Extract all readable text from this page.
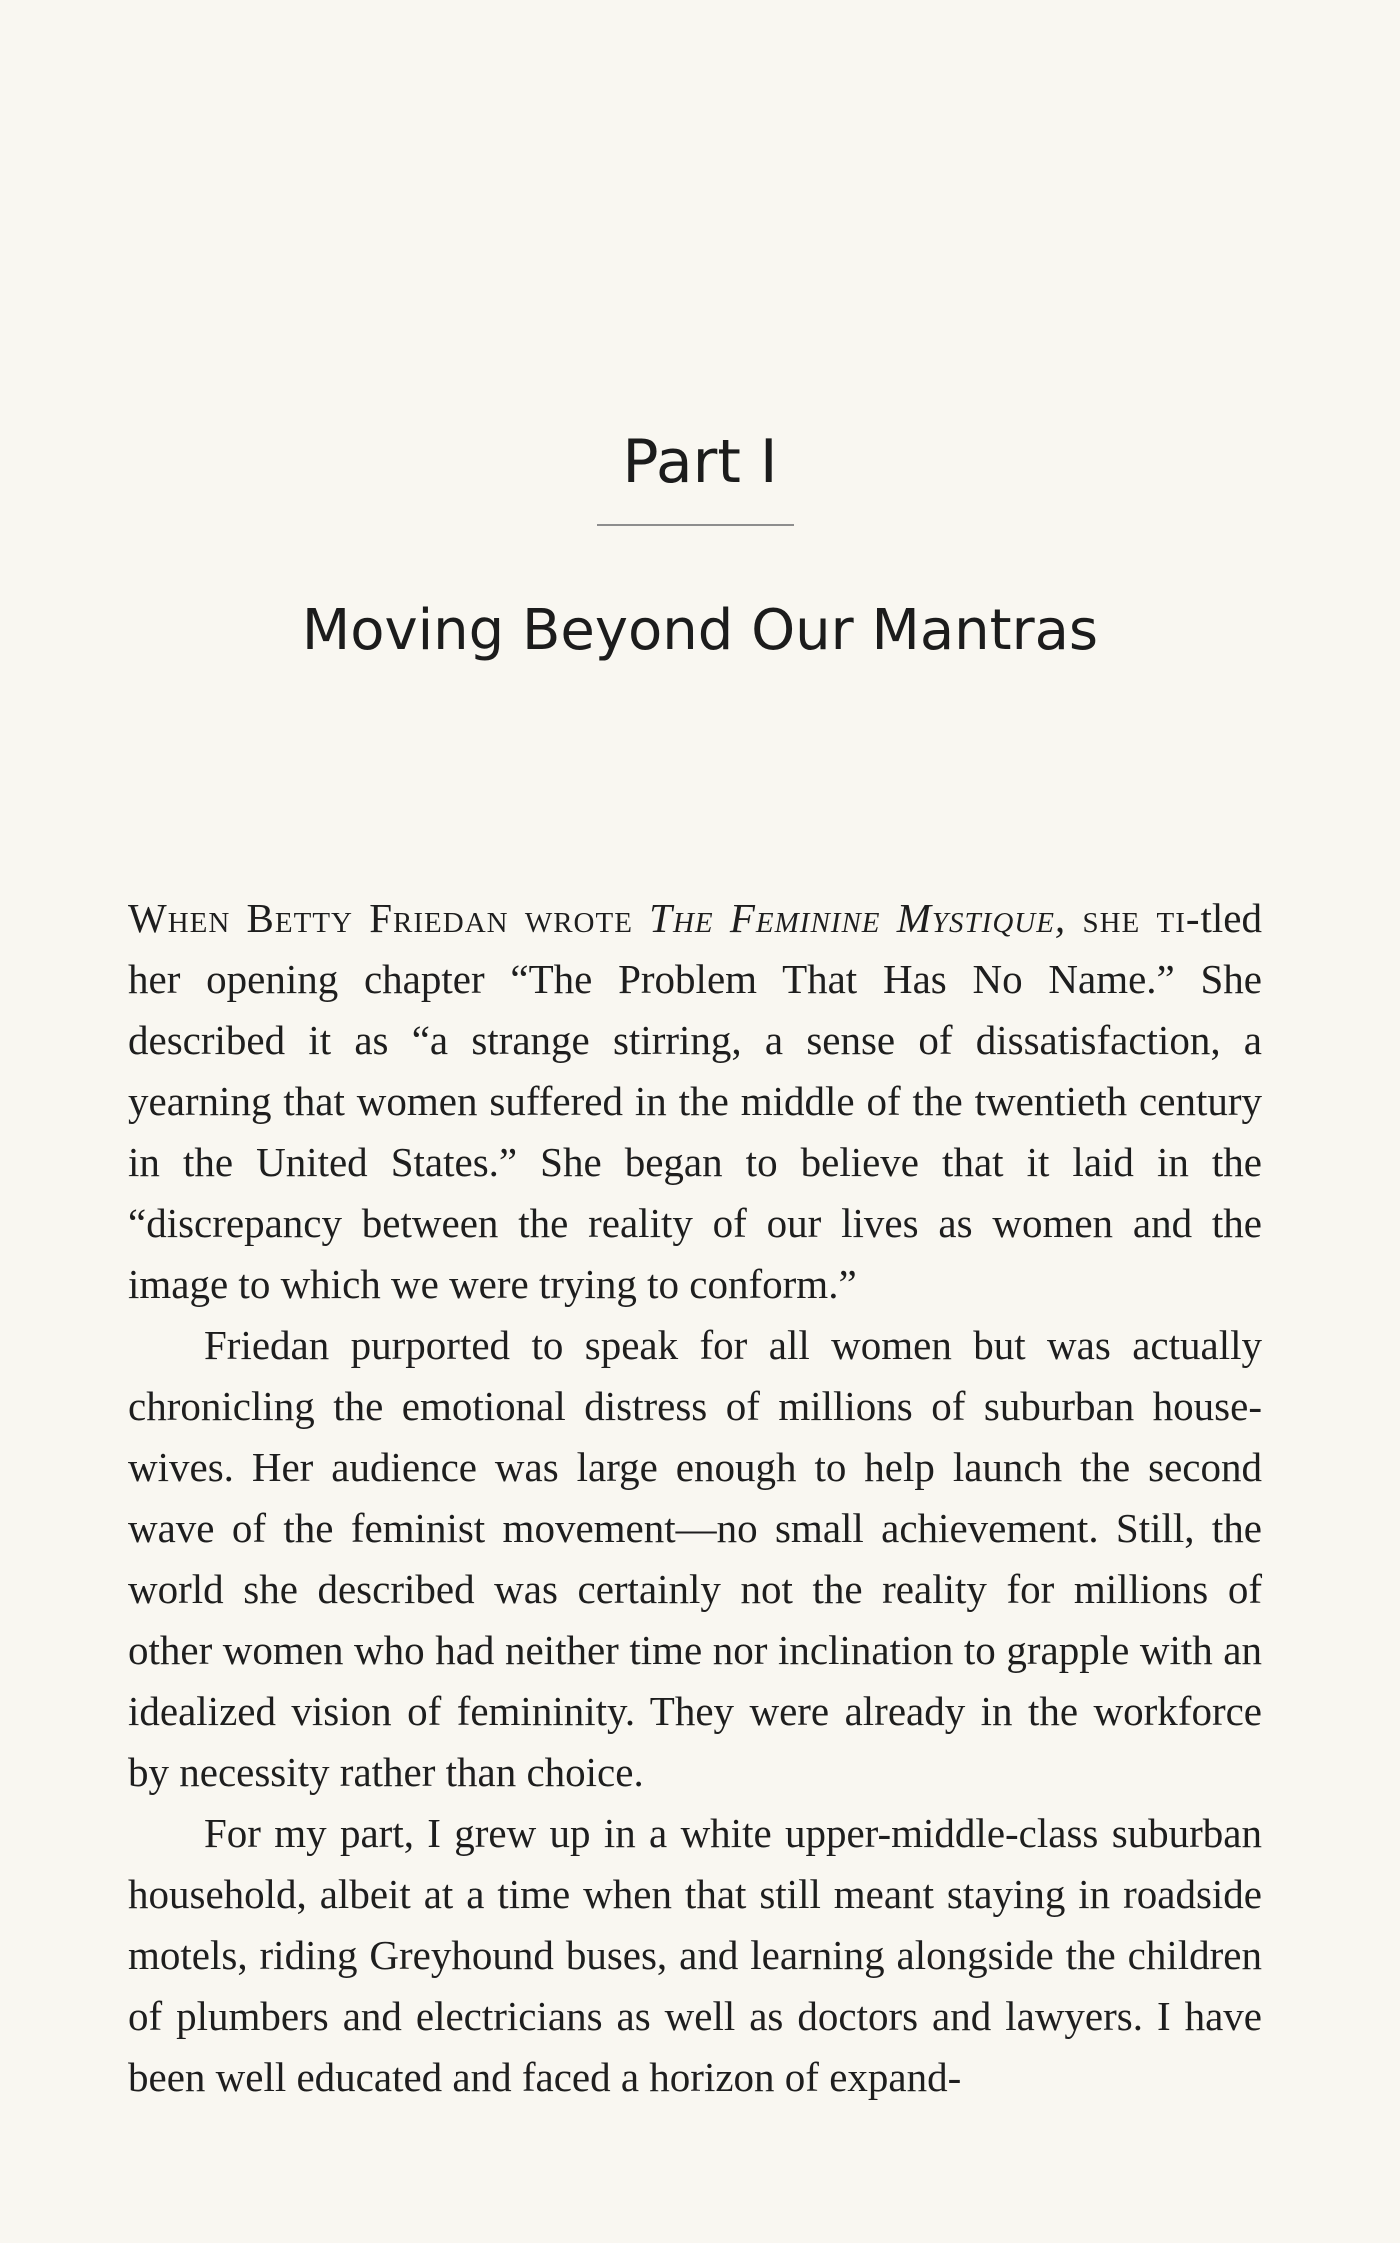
Part I
Moving Beyond Our Mantras

When Betty Friedan wrote The Feminine Mystique, she ti-tled her opening chapter “The Problem That Has No Name.” She described it as “a strange stirring, a sense of dissatisfaction, a yearning that women suffered in the middle of the twentieth century in the United States.” She began to believe that it laid in the “discrepancy between the reality of our lives as women and the image to which we were trying to conform.”

Friedan purported to speak for all women but was actually chronicling the emotional distress of millions of suburban housewives. Her audience was large enough to help launch the second wave of the feminist movement—no small achievement. Still, the world she described was certainly not the reality for millions of other women who had neither time nor inclination to grapple with an idealized vision of femininity. They were already in the workforce by necessity rather than choice.

For my part, I grew up in a white upper-middle-class suburban household, albeit at a time when that still meant staying in roadside motels, riding Greyhound buses, and learning alongside the children of plumbers and electricians as well as doctors and lawyers. I have been well educated and faced a horizon of expand-
